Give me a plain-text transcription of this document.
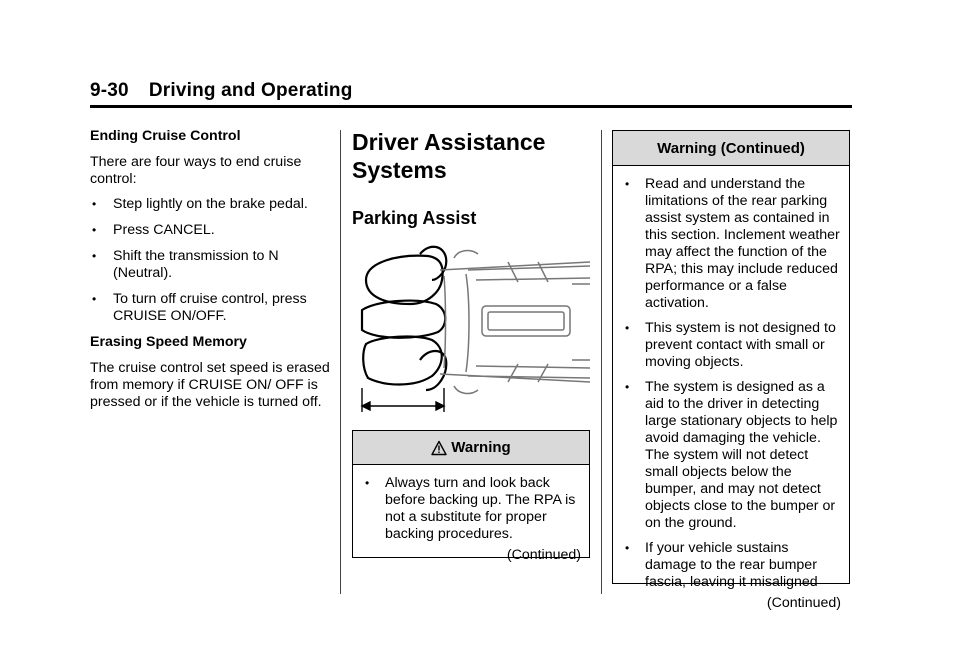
9-30 Driving and Operating
Ending Cruise Control

There are four ways to end cruise control:

• Step lightly on the brake pedal.
• Press CANCEL.
• Shift the transmission to N (Neutral).
• To turn off cruise control, press CRUISE ON/OFF.
Erasing Speed Memory

The cruise control set speed is erased from memory if CRUISE ON/ OFF is pressed or if the vehicle is turned off.

Driver Assistance Systems
Parking Assist
Warning
• Always turn and look back before backing up. The RPA is not a substitute for proper backing procedures.
(Continued)
Warning (Continued)
• Read and understand the limitations of the rear parking assist system as contained in this section. Inclement weather may affect the function of the RPA; this may include reduced performance or a false activation.
• This system is not designed to prevent contact with small or moving objects.
• The system is designed as a aid to the driver in detecting large stationary objects to help avoid damaging the vehicle. The system will not detect small objects below the bumper, and may not detect objects close to the bumper or on the ground.
• If your vehicle sustains damage to the rear bumper fascia, leaving it misaligned
(Continued)
